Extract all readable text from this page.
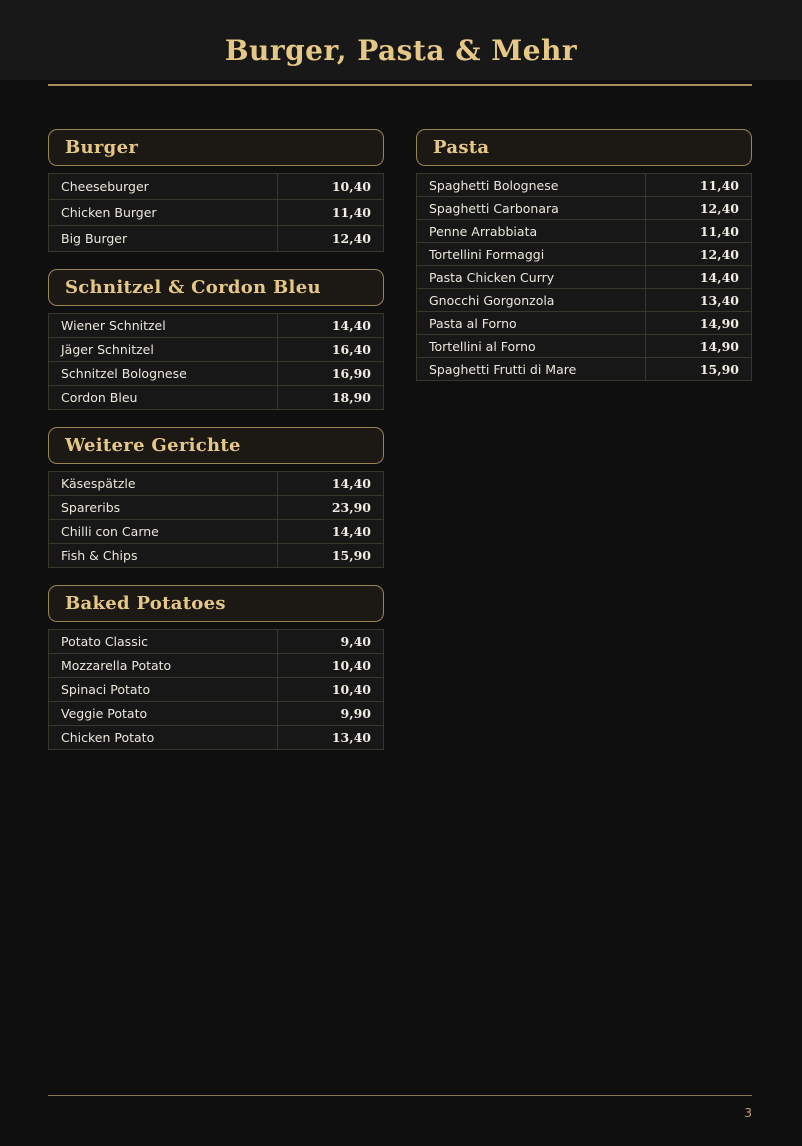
Burger, Pasta & Mehr
Burger
Cheeseburger	10,40
Chicken Burger	11,40
Big Burger	12,40
Schnitzel & Cordon Bleu
Wiener Schnitzel	14,40
Jäger Schnitzel	16,40
Schnitzel Bolognese	16,90
Cordon Bleu	18,90
Weitere Gerichte
Käsespätzle	14,40
Spareribs	23,90
Chilli con Carne	14,40
Fish & Chips	15,90
Baked Potatoes
Potato Classic	9,40
Mozzarella Potato	10,40
Spinaci Potato	10,40
Veggie Potato	9,90
Chicken Potato	13,40
Pasta
Spaghetti Bolognese	11,40
Spaghetti Carbonara	12,40
Penne Arrabbiata	11,40
Tortellini Formaggi	12,40
Pasta Chicken Curry	14,40
Gnocchi Gorgonzola	13,40
Pasta al Forno	14,90
Tortellini al Forno	14,90
Spaghetti Frutti di Mare	15,90
3
